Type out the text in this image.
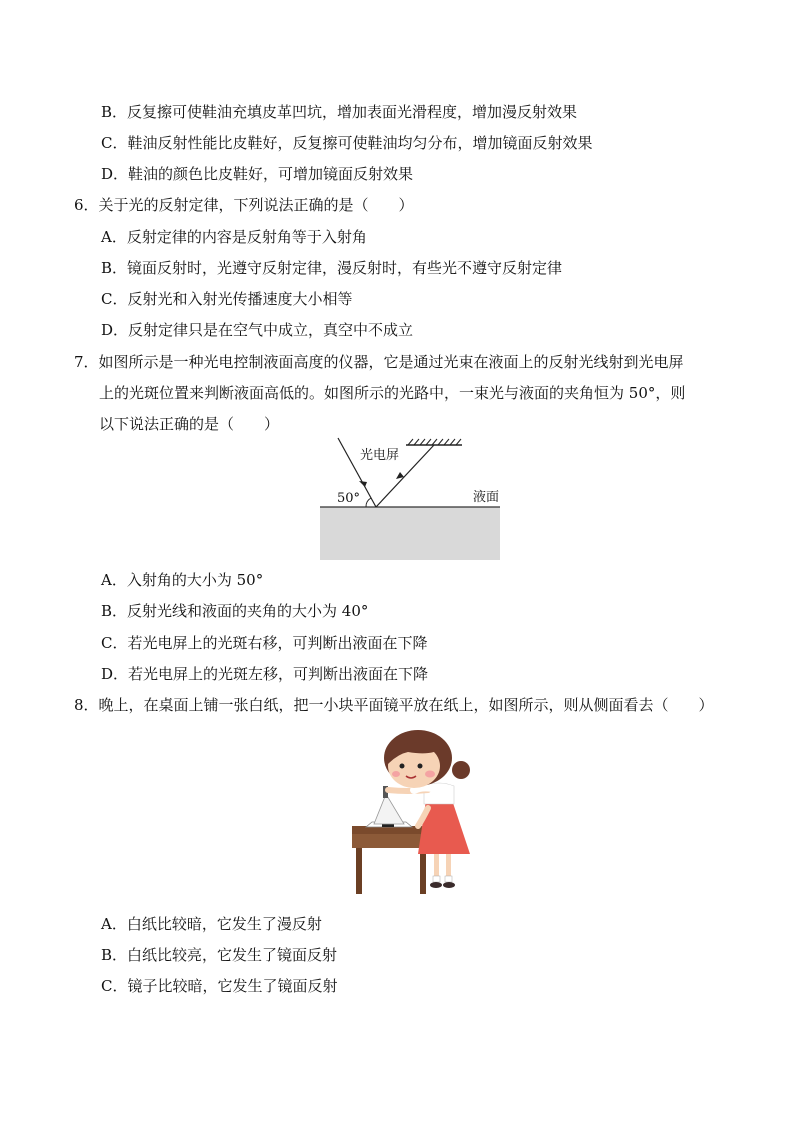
B．反复擦可使鞋油充填皮革凹坑，增加表面光滑程度，增加漫反射效果
C．鞋油反射性能比皮鞋好，反复擦可使鞋油均匀分布，增加镜面反射效果
D．鞋油的颜色比皮鞋好，可增加镜面反射效果
6．关于光的反射定律，下列说法正确的是（　　）
A．反射定律的内容是反射角等于入射角
B．镜面反射时，光遵守反射定律，漫反射时，有些光不遵守反射定律
C．反射光和入射光传播速度大小相等
D．反射定律只是在空气中成立，真空中不成立
7．如图所示是一种光电控制液面高度的仪器，它是通过光束在液面上的反射光线射到光电屏
上的光斑位置来判断液面高低的。如图所示的光路中，一束光与液面的夹角恒为 50°，则
以下说法正确的是（　　）
光电屏
50°	液面
A．入射角的大小为 50°
B．反射光线和液面的夹角的大小为 40°
C．若光电屏上的光斑右移，可判断出液面在下降
D．若光电屏上的光斑左移，可判断出液面在下降
8．晚上，在桌面上铺一张白纸，把一小块平面镜平放在纸上，如图所示，则从侧面看去（　　）
A．白纸比较暗，它发生了漫反射
B．白纸比较亮，它发生了镜面反射
C．镜子比较暗，它发生了镜面反射
